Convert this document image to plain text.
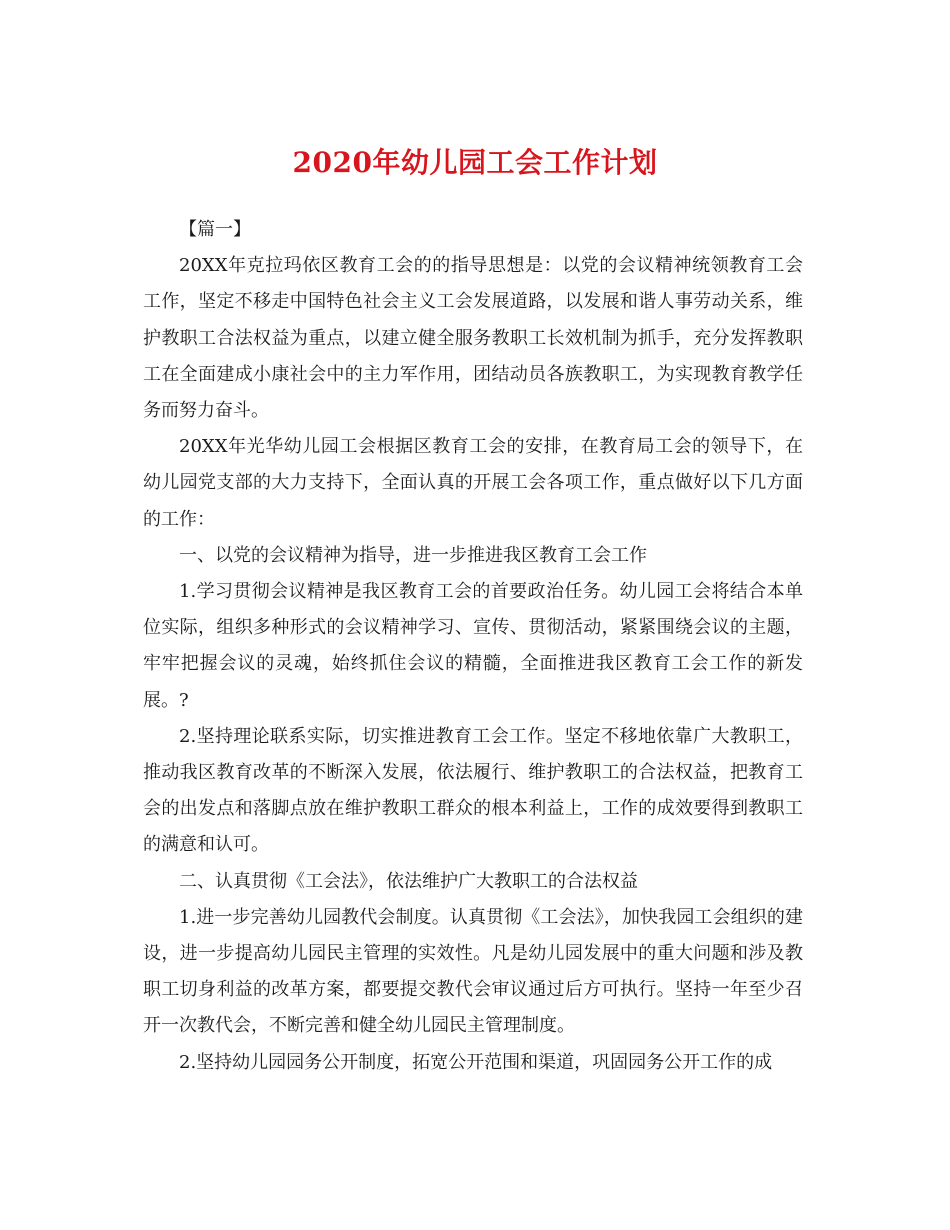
2020年幼儿园工会工作计划

【篇一】

20XX年克拉玛依区教育工会的的指导思想是：以党的会议精神统领教育工会工作，坚定不移走中国特色社会主义工会发展道路，以发展和谐人事劳动关系，维护教职工合法权益为重点，以建立健全服务教职工长效机制为抓手，充分发挥教职工在全面建成小康社会中的主力军作用，团结动员各族教职工，为实现教育教学任务而努力奋斗。

20XX年光华幼儿园工会根据区教育工会的安排，在教育局工会的领导下，在幼儿园党支部的大力支持下，全面认真的开展工会各项工作，重点做好以下几方面的工作：

一、以党的会议精神为指导，进一步推进我区教育工会工作

1.学习贯彻会议精神是我区教育工会的首要政治任务。幼儿园工会将结合本单位实际，组织多种形式的会议精神学习、宣传、贯彻活动，紧紧围绕会议的主题，牢牢把握会议的灵魂，始终抓住会议的精髓，全面推进我区教育工会工作的新发展。?

2.坚持理论联系实际，切实推进教育工会工作。坚定不移地依靠广大教职工，推动我区教育改革的不断深入发展，依法履行、维护教职工的合法权益，把教育工会的出发点和落脚点放在维护教职工群众的根本利益上，工作的成效要得到教职工的满意和认可。

二、认真贯彻《工会法》，依法维护广大教职工的合法权益

1.进一步完善幼儿园教代会制度。认真贯彻《工会法》，加快我园工会组织的建设，进一步提高幼儿园民主管理的实效性。凡是幼儿园发展中的重大问题和涉及教职工切身利益的改革方案，都要提交教代会审议通过后方可执行。坚持一年至少召开一次教代会，不断完善和健全幼儿园民主管理制度。

2.坚持幼儿园园务公开制度，拓宽公开范围和渠道，巩固园务公开工作的成
